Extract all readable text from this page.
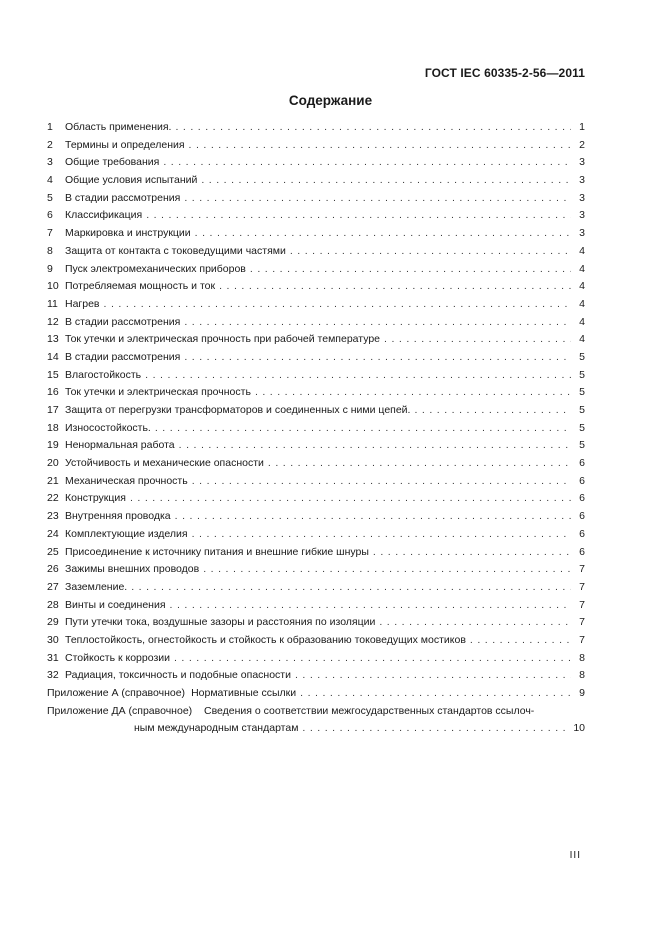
ГОСТ IEC 60335-2-56—2011
Содержание
1	Область применения. . . .	1
2	Термины и определения . . .	2
3	Общие требования . . .	3
4	Общие условия испытаний . . .	3
5	В стадии рассмотрения . . .	3
6	Классификация . . .	3
7	Маркировка и инструкции . . .	3
8	Защита от контакта с токоведущими частями . . .	4
9	Пуск электромеханических приборов . . .	4
10 Потребляемая мощность и ток . . .	4
11 Нагрев . . .	4
12 В стадии рассмотрения . . .	4
13 Ток утечки и электрическая прочность при рабочей температуре . . .	4
14 В стадии рассмотрения . . .	5
15 Влагостойкость . . .	5
16 Ток утечки и электрическая прочность . . .	5
17 Защита от перегрузки трансформаторов и соединенных с ними цепей. . . .	5
18 Износостойкость. . . .	5
19 Ненормальная работа . . .	5
20 Устойчивость и механические опасности . . .	6
21 Механическая прочность . . .	6
22 Конструкция . . .	6
23 Внутренняя проводка . . .	6
24 Комплектующие изделия . . .	6
25 Присоединение к источнику питания и внешние гибкие шнуры . . .	6
26 Зажимы внешних проводов . . .	7
27 Заземление. . . .	7
28 Винты и соединения . . .	7
29 Пути утечки тока, воздушные зазоры и расстояния по изоляции . . .	7
30 Теплостойкость, огнестойкость и стойкость к образованию токоведущих мостиков . . .	7
31 Стойкость к коррозии . . .	8
32 Радиация, токсичность и подобные опасности . . .	8
Приложение А (справочное) Нормативные ссылки . . .	9
Приложение ДА (справочное) Сведения о соответствии межгосударственных стандартов ссылоч-
ным международным стандартам . . .	10
III
